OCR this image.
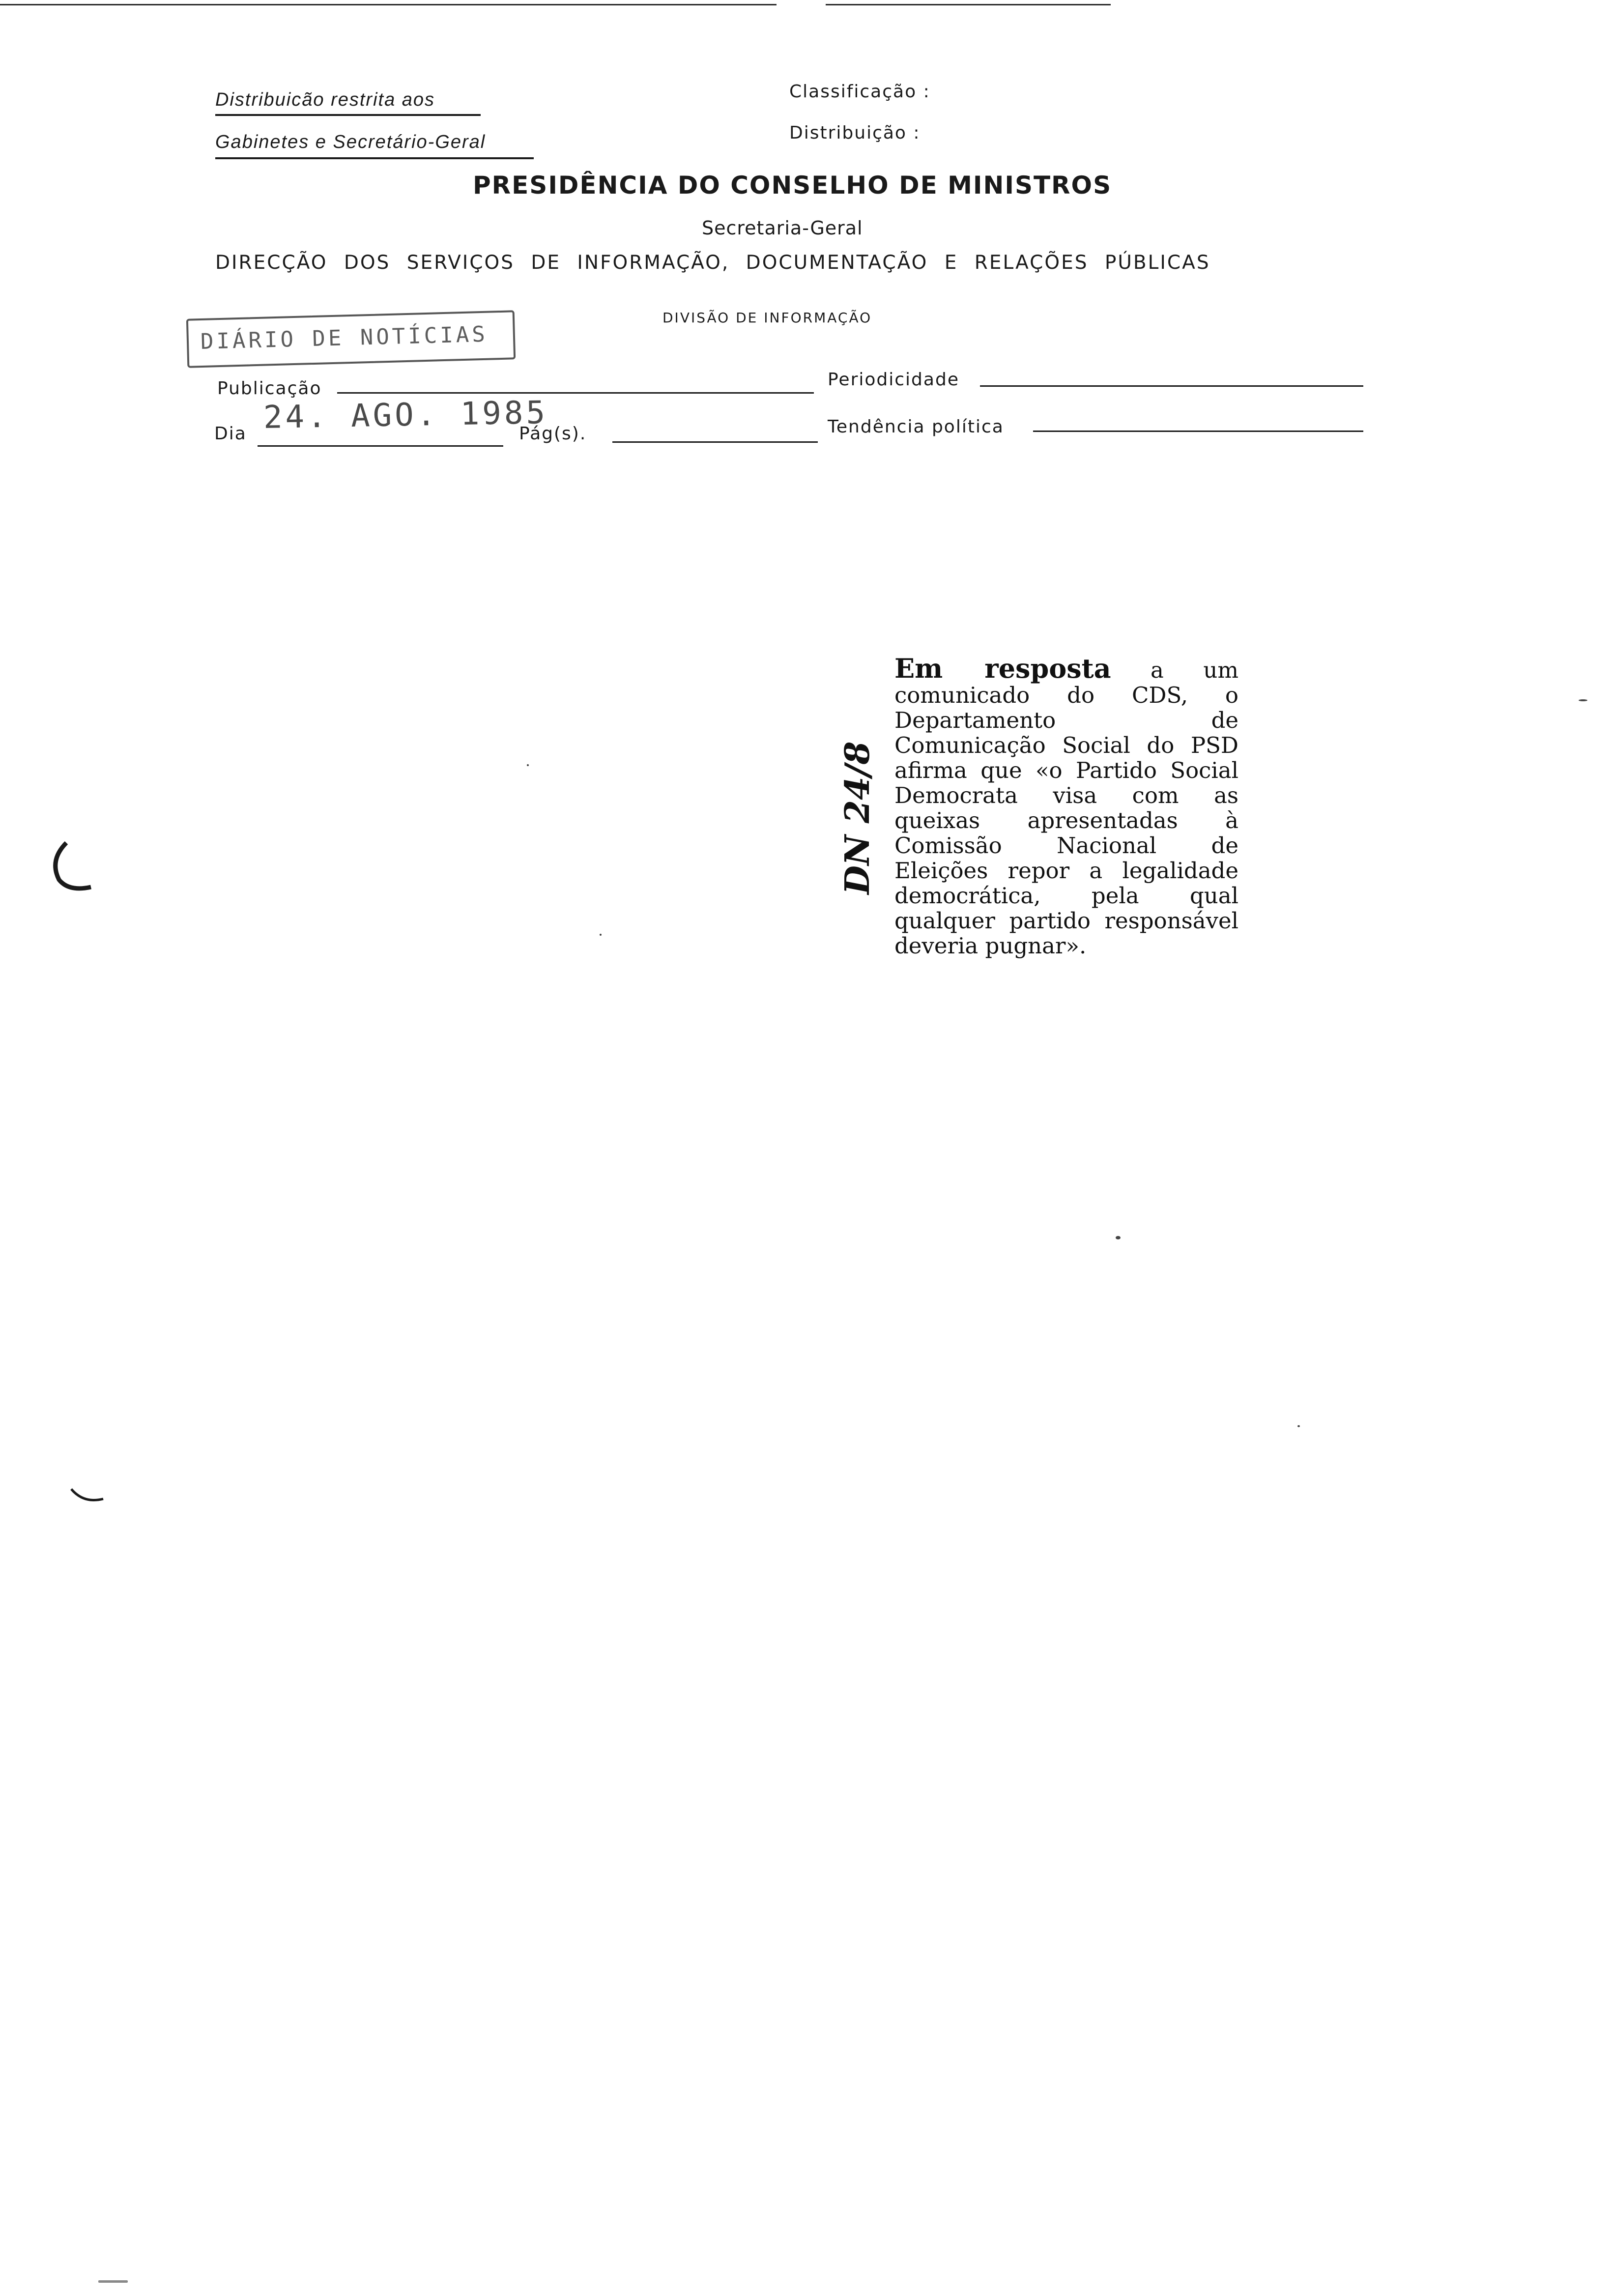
Distribuicão restrita aos
Gabinetes e Secretário-Geral
Classificação :
Distribuição :
PRESIDÊNCIA DO CONSELHO DE MINISTROS
Secretaria-Geral
DIRECÇÃO DOS SERVIÇOS DE INFORMAÇÃO, DOCUMENTAÇÃO E RELAÇÕES PÚBLICAS
DIVISÃO DE INFORMAÇÃO
DIÁRIO DE NOTÍCIAS
Publicação	Periodicidade
Dia 24. AGO. 1985
Pág(s).	Tendência política
DN 24/8
Em resposta a um comunicado do CDS, o Departamento de Comunicação Social do PSD afirma que «o Partido Social Democrata visa com as queixas apresentadas à Comissão Nacional de Eleições repor a legalidade democrática, pela qual qualquer partido responsável deveria pugnar».
